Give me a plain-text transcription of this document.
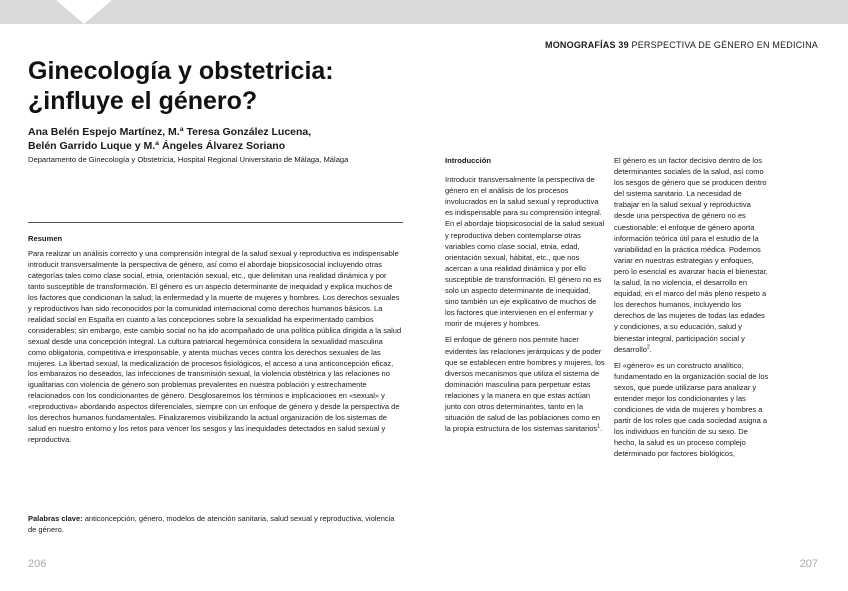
MONOGRAFÍAS 39 PERSPECTIVA DE GÉNERO EN MEDICINA
Ginecología y obstetricia:
¿influye el género?
Ana Belén Espejo Martínez, M.ª Teresa González Lucena,
Belén Garrido Luque y M.ª Ángeles Álvarez Soriano
Departamento de Ginecología y Obstetricia, Hospital Regional Universitario de Málaga, Málaga
Resumen

Para realizar un análisis correcto y una comprensión integral de la salud sexual y reproductiva es indispensable introducir transversalmente la perspectiva de género, así como el abordaje biopsicosocial incluyendo otras categorías tales como clase social, etnia, orientación sexual, etc., que delimitan una realidad dinámica y por tanto susceptible de transformación. El género es un aspecto determinante de inequidad y explica muchos de los factores que condicionan la salud; la enfermedad y la muerte de mujeres y hombres. Los derechos sexuales y reproductivos han sido reconocidos por la comunidad internacional como derechos humanos básicos. La realidad social en España en cuanto a las concepciones sobre la sexualidad ha experimentado cambios considerables; sin embargo, este cambio social no ha ido acompañado de una política pública dirigida a la salud sexual desde una concepción integral. La cultura patriarcal hegemónica considera la sexualidad masculina como obligatoria, competitiva e irresponsable, y atenta muchas veces contra los derechos sexuales de las mujeres. La libertad sexual, la medicalización de procesos fisiológicos, el acceso a una anticoncepción eficaz, los embarazos no deseados, las infecciones de transmisión sexual, la violencia obstétrica y las relaciones no igualitarias con violencia de género son problemas prevalentes en nuestra población y estrechamente relacionados con los condicionantes de género. Desglosaremos los términos e implicaciones en «sexual» y «reproductiva» abordando aspectos diferenciales, siempre con un enfoque de género y desde la perspectiva de los derechos humanos fundamentales. Finalizaremos visibilizando la actual organización de los sistemas de salud en nuestro entorno y los retos para vencer los sesgos y las inequidades detectados en salud sexual y reproductiva.

Palabras clave: anticoncepción, género, modelos de atención sanitaria, salud sexual y reproductiva, violencia de género.

Introducción

Introducir transversalmente la perspectiva de género en el análisis de los procesos involucrados en la salud sexual y reproductiva es indispensable para su comprensión integral. En el abordaje biopsicosocial de la salud sexual y reproductiva deben contemplarse otras variables como clase social, etnia, edad, orientación sexual, hábitat, etc., que nos acercan a una realidad dinámica y por ello susceptible de transformación. El género no es solo un aspecto determinante de inequidad, sino también un eje explicativo de muchos de los factores que intervienen en el enfermar y morir de mujeres y hombres.

El enfoque de género nos permite hacer evidentes las relaciones jerárquicas y de poder que se establecen entre hombres y mujeres, los diversos mecanismos que utiliza el sistema de dominación masculina para perpetuar estas relaciones y la manera en que estas actúan junto con otros determinantes, tanto en la situación de salud de las poblaciones como en la propia estructura de los sistemas sanitarios$^1$.

El género es un factor decisivo dentro de los determinantes sociales de la salud, así como los sesgos de género que se producen dentro del sistema sanitario. La necesidad de trabajar en la salud sexual y reproductiva desde una perspectiva de género no es cuestionable; el enfoque de género aporta información teórica útil para el estudio de la variabilidad en la práctica médica. Podemos variar en nuestras estrategias y enfoques, pero lo esencial es avanzar hacia el bienestar, la salud, la no violencia, el desarrollo en equidad, en el marco del más pleno respeto a los derechos humanos, incluyendo los derechos de las mujeres de todas las edades y condiciones, a su educación, salud y bienestar integral, participación social y desarrollo$^2$.

El «género» es un constructo analítico, fundamentado en la organización social de los sexos, que puede utilizarse para analizar y entender mejor los condicionantes y las condiciones de vida de mujeres y hombres a partir de los roles que cada sociedad asigna a los individuos en función de su sexo. De hecho, la salud es un proceso complejo determinado por factores biológicos,

206	207
